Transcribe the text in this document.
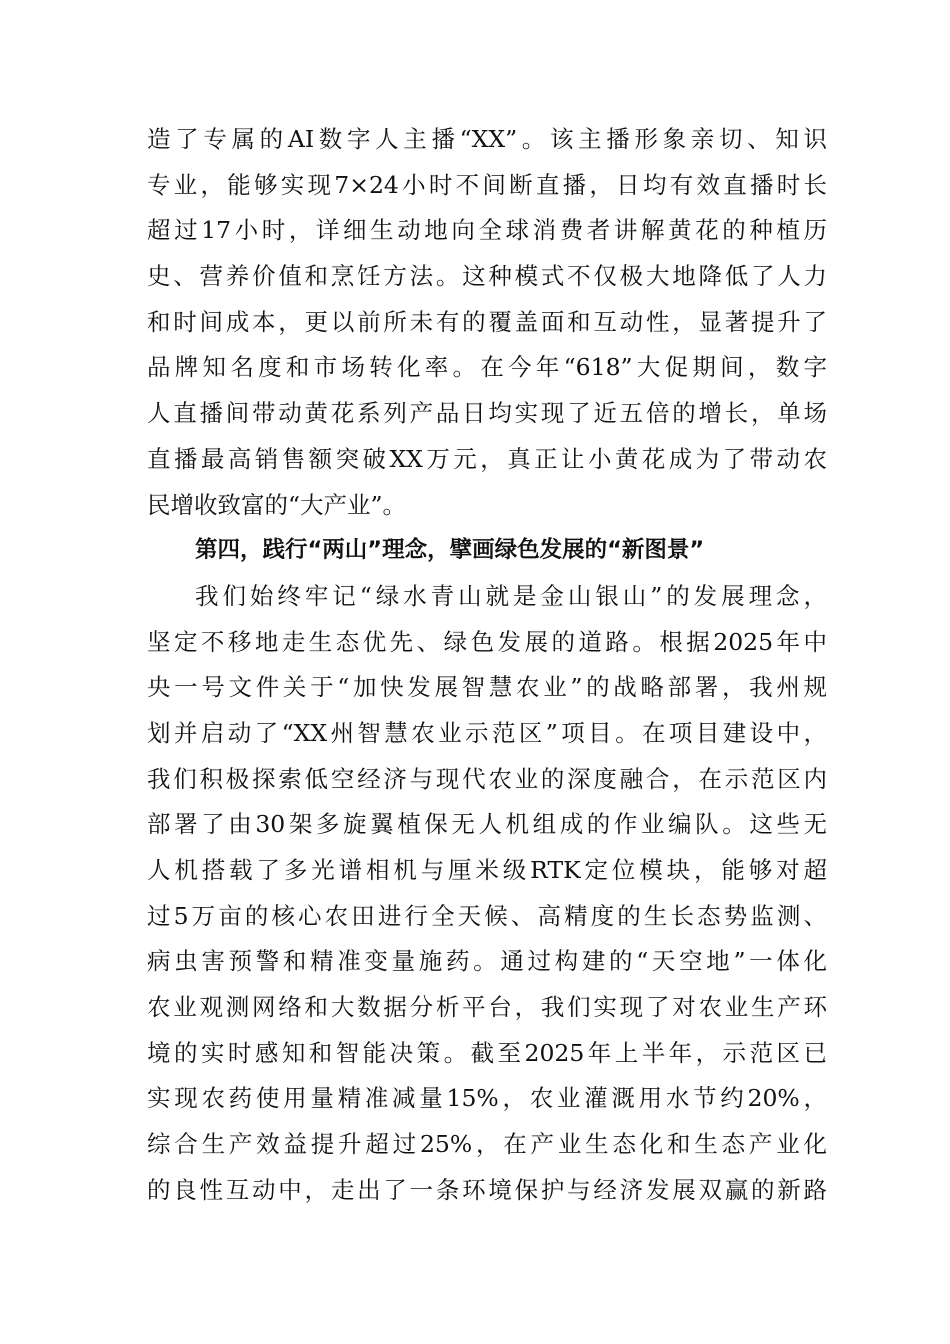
造了专属的AI数字人主播“XX”。该主播形象亲切、知识
专业，能够实现7×24小时不间断直播，日均有效直播时长
超过17小时，详细生动地向全球消费者讲解黄花的种植历
史、营养价值和烹饪方法。这种模式不仅极大地降低了人力
和时间成本，更以前所未有的覆盖面和互动性，显著提升了
品牌知名度和市场转化率。在今年“618”大促期间，数字
人直播间带动黄花系列产品日均实现了近五倍的增长，单场
直播最高销售额突破XX万元，真正让小黄花成为了带动农
民增收致富的“大产业”。
第四，践行“两山”理念，擘画绿色发展的“新图景”
我们始终牢记“绿水青山就是金山银山”的发展理念，
坚定不移地走生态优先、绿色发展的道路。根据2025年中
央一号文件关于“加快发展智慧农业”的战略部署，我州规
划并启动了“XX州智慧农业示范区”项目。在项目建设中，
我们积极探索低空经济与现代农业的深度融合，在示范区内
部署了由30架多旋翼植保无人机组成的作业编队。这些无
人机搭载了多光谱相机与厘米级RTK定位模块，能够对超
过5万亩的核心农田进行全天候、高精度的生长态势监测、
病虫害预警和精准变量施药。通过构建的“天空地”一体化
农业观测网络和大数据分析平台，我们实现了对农业生产环
境的实时感知和智能决策。截至2025年上半年，示范区已
实现农药使用量精准减量15%，农业灌溉用水节约20%，
综合生产效益提升超过25%，在产业生态化和生态产业化
的良性互动中，走出了一条环境保护与经济发展双赢的新路
